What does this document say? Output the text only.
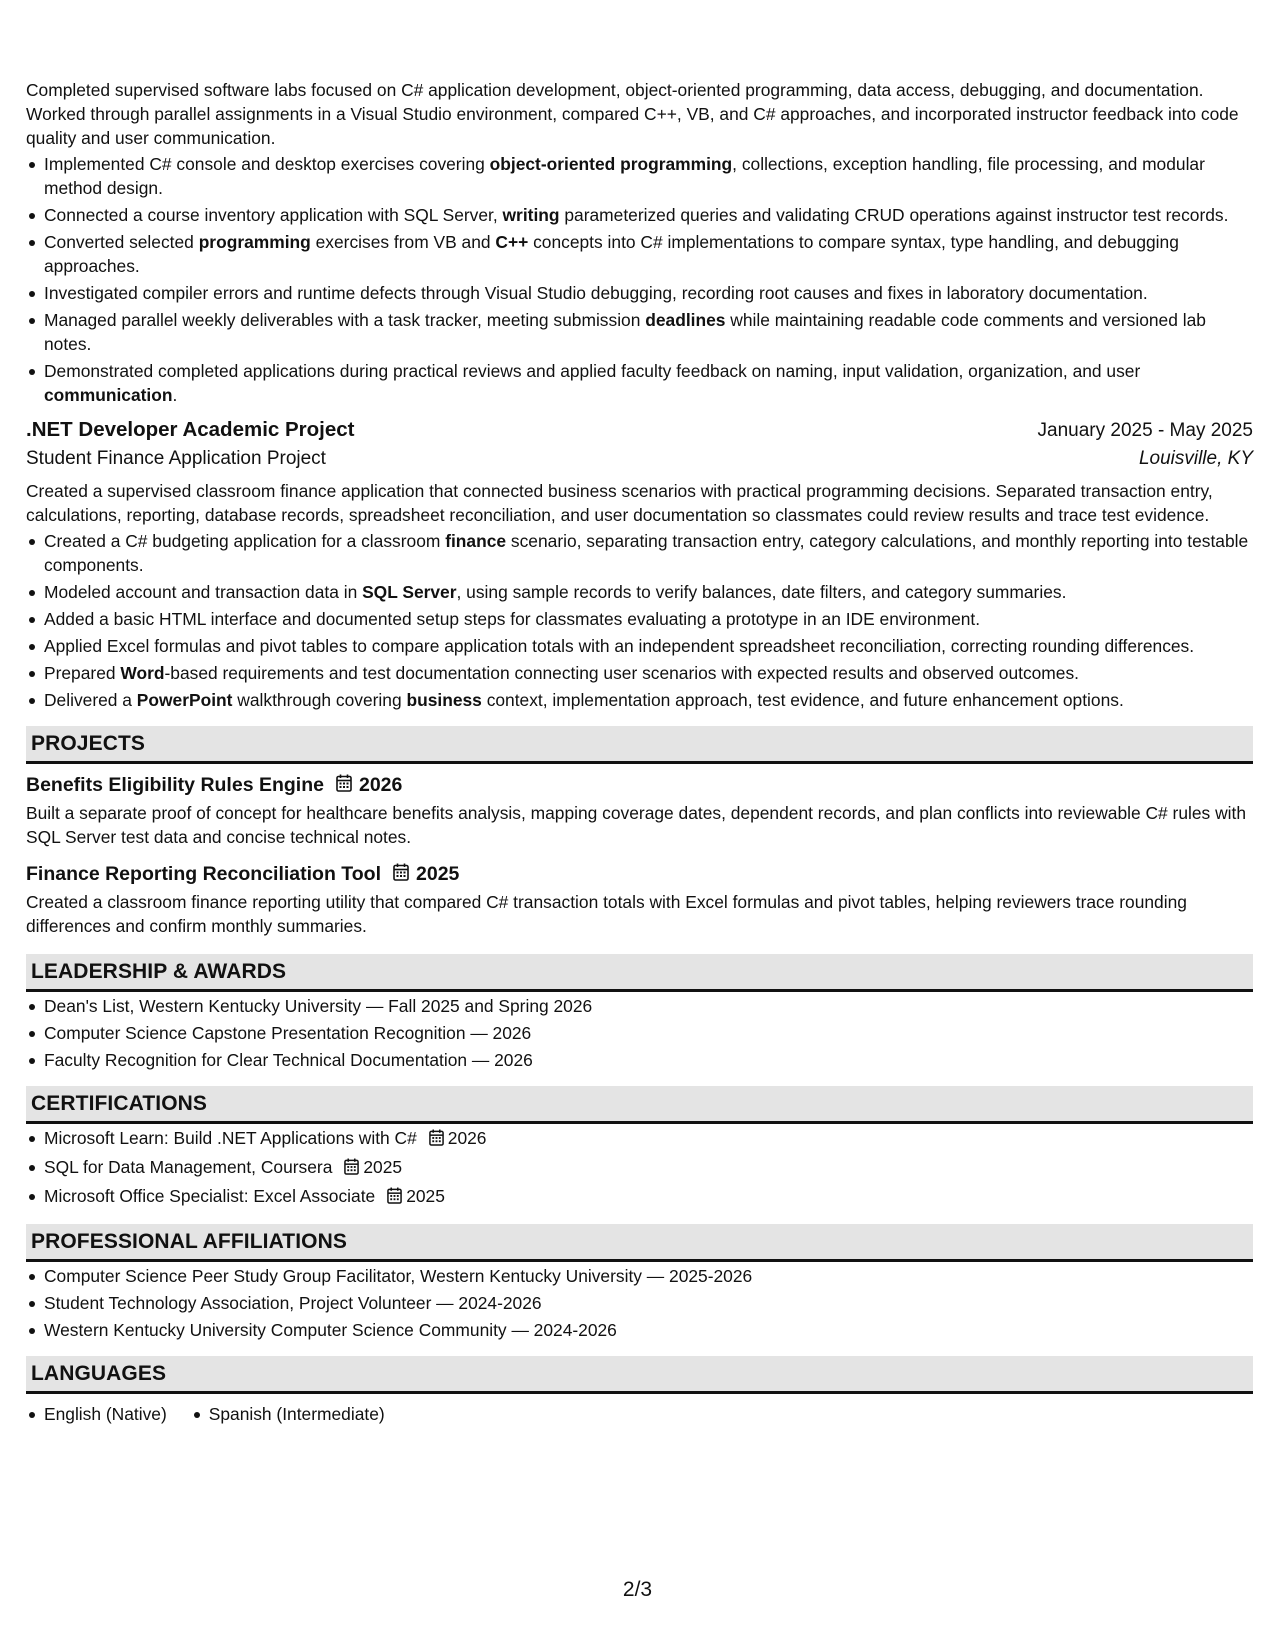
Completed supervised software labs focused on C# application development, object-oriented programming, data access, debugging, and documentation. Worked through parallel assignments in a Visual Studio environment, compared C++, VB, and C# approaches, and incorporated instructor feedback into code quality and user communication.

Implemented C# console and desktop exercises covering object-oriented programming, collections, exception handling, file processing, and modular method design.
Connected a course inventory application with SQL Server, writing parameterized queries and validating CRUD operations against instructor test records.
Converted selected programming exercises from VB and C++ concepts into C# implementations to compare syntax, type handling, and debugging approaches.
Investigated compiler errors and runtime defects through Visual Studio debugging, recording root causes and fixes in laboratory documentation.
Managed parallel weekly deliverables with a task tracker, meeting submission deadlines while maintaining readable code comments and versioned lab notes.
Demonstrated completed applications during practical reviews and applied faculty feedback on naming, input validation, organization, and user communication.
.NET Developer Academic Project	January 2025 - May 2025
Student Finance Application Project	Louisville, KY

Created a supervised classroom finance application that connected business scenarios with practical programming decisions. Separated transaction entry, calculations, reporting, database records, spreadsheet reconciliation, and user documentation so classmates could review results and trace test evidence.

Created a C# budgeting application for a classroom finance scenario, separating transaction entry, category calculations, and monthly reporting into testable components.
Modeled account and transaction data in SQL Server, using sample records to verify balances, date filters, and category summaries.
Added a basic HTML interface and documented setup steps for classmates evaluating a prototype in an IDE environment.
Applied Excel formulas and pivot tables to compare application totals with an independent spreadsheet reconciliation, correcting rounding differences.
Prepared Word-based requirements and test documentation connecting user scenarios with expected results and observed outcomes.
Delivered a PowerPoint walkthrough covering business context, implementation approach, test evidence, and future enhancement options.
PROJECTS
Benefits Eligibility Rules Engine 2026
Built a separate proof of concept for healthcare benefits analysis, mapping coverage dates, dependent records, and plan conflicts into reviewable C# rules with SQL Server test data and concise technical notes.
Finance Reporting Reconciliation Tool 2025
Created a classroom finance reporting utility that compared C# transaction totals with Excel formulas and pivot tables, helping reviewers trace rounding differences and confirm monthly summaries.
LEADERSHIP & AWARDS
Dean's List, Western Kentucky University — Fall 2025 and Spring 2026
Computer Science Capstone Presentation Recognition — 2026
Faculty Recognition for Clear Technical Documentation — 2026
CERTIFICATIONS
Microsoft Learn: Build .NET Applications with C# 2026
SQL for Data Management, Coursera 2025
Microsoft Office Specialist: Excel Associate 2025
PROFESSIONAL AFFILIATIONS
Computer Science Peer Study Group Facilitator, Western Kentucky University — 2025-2026
Student Technology Association, Project Volunteer — 2024-2026
Western Kentucky University Computer Science Community — 2024-2026
LANGUAGES
English (Native) Spanish (Intermediate)
2/3
